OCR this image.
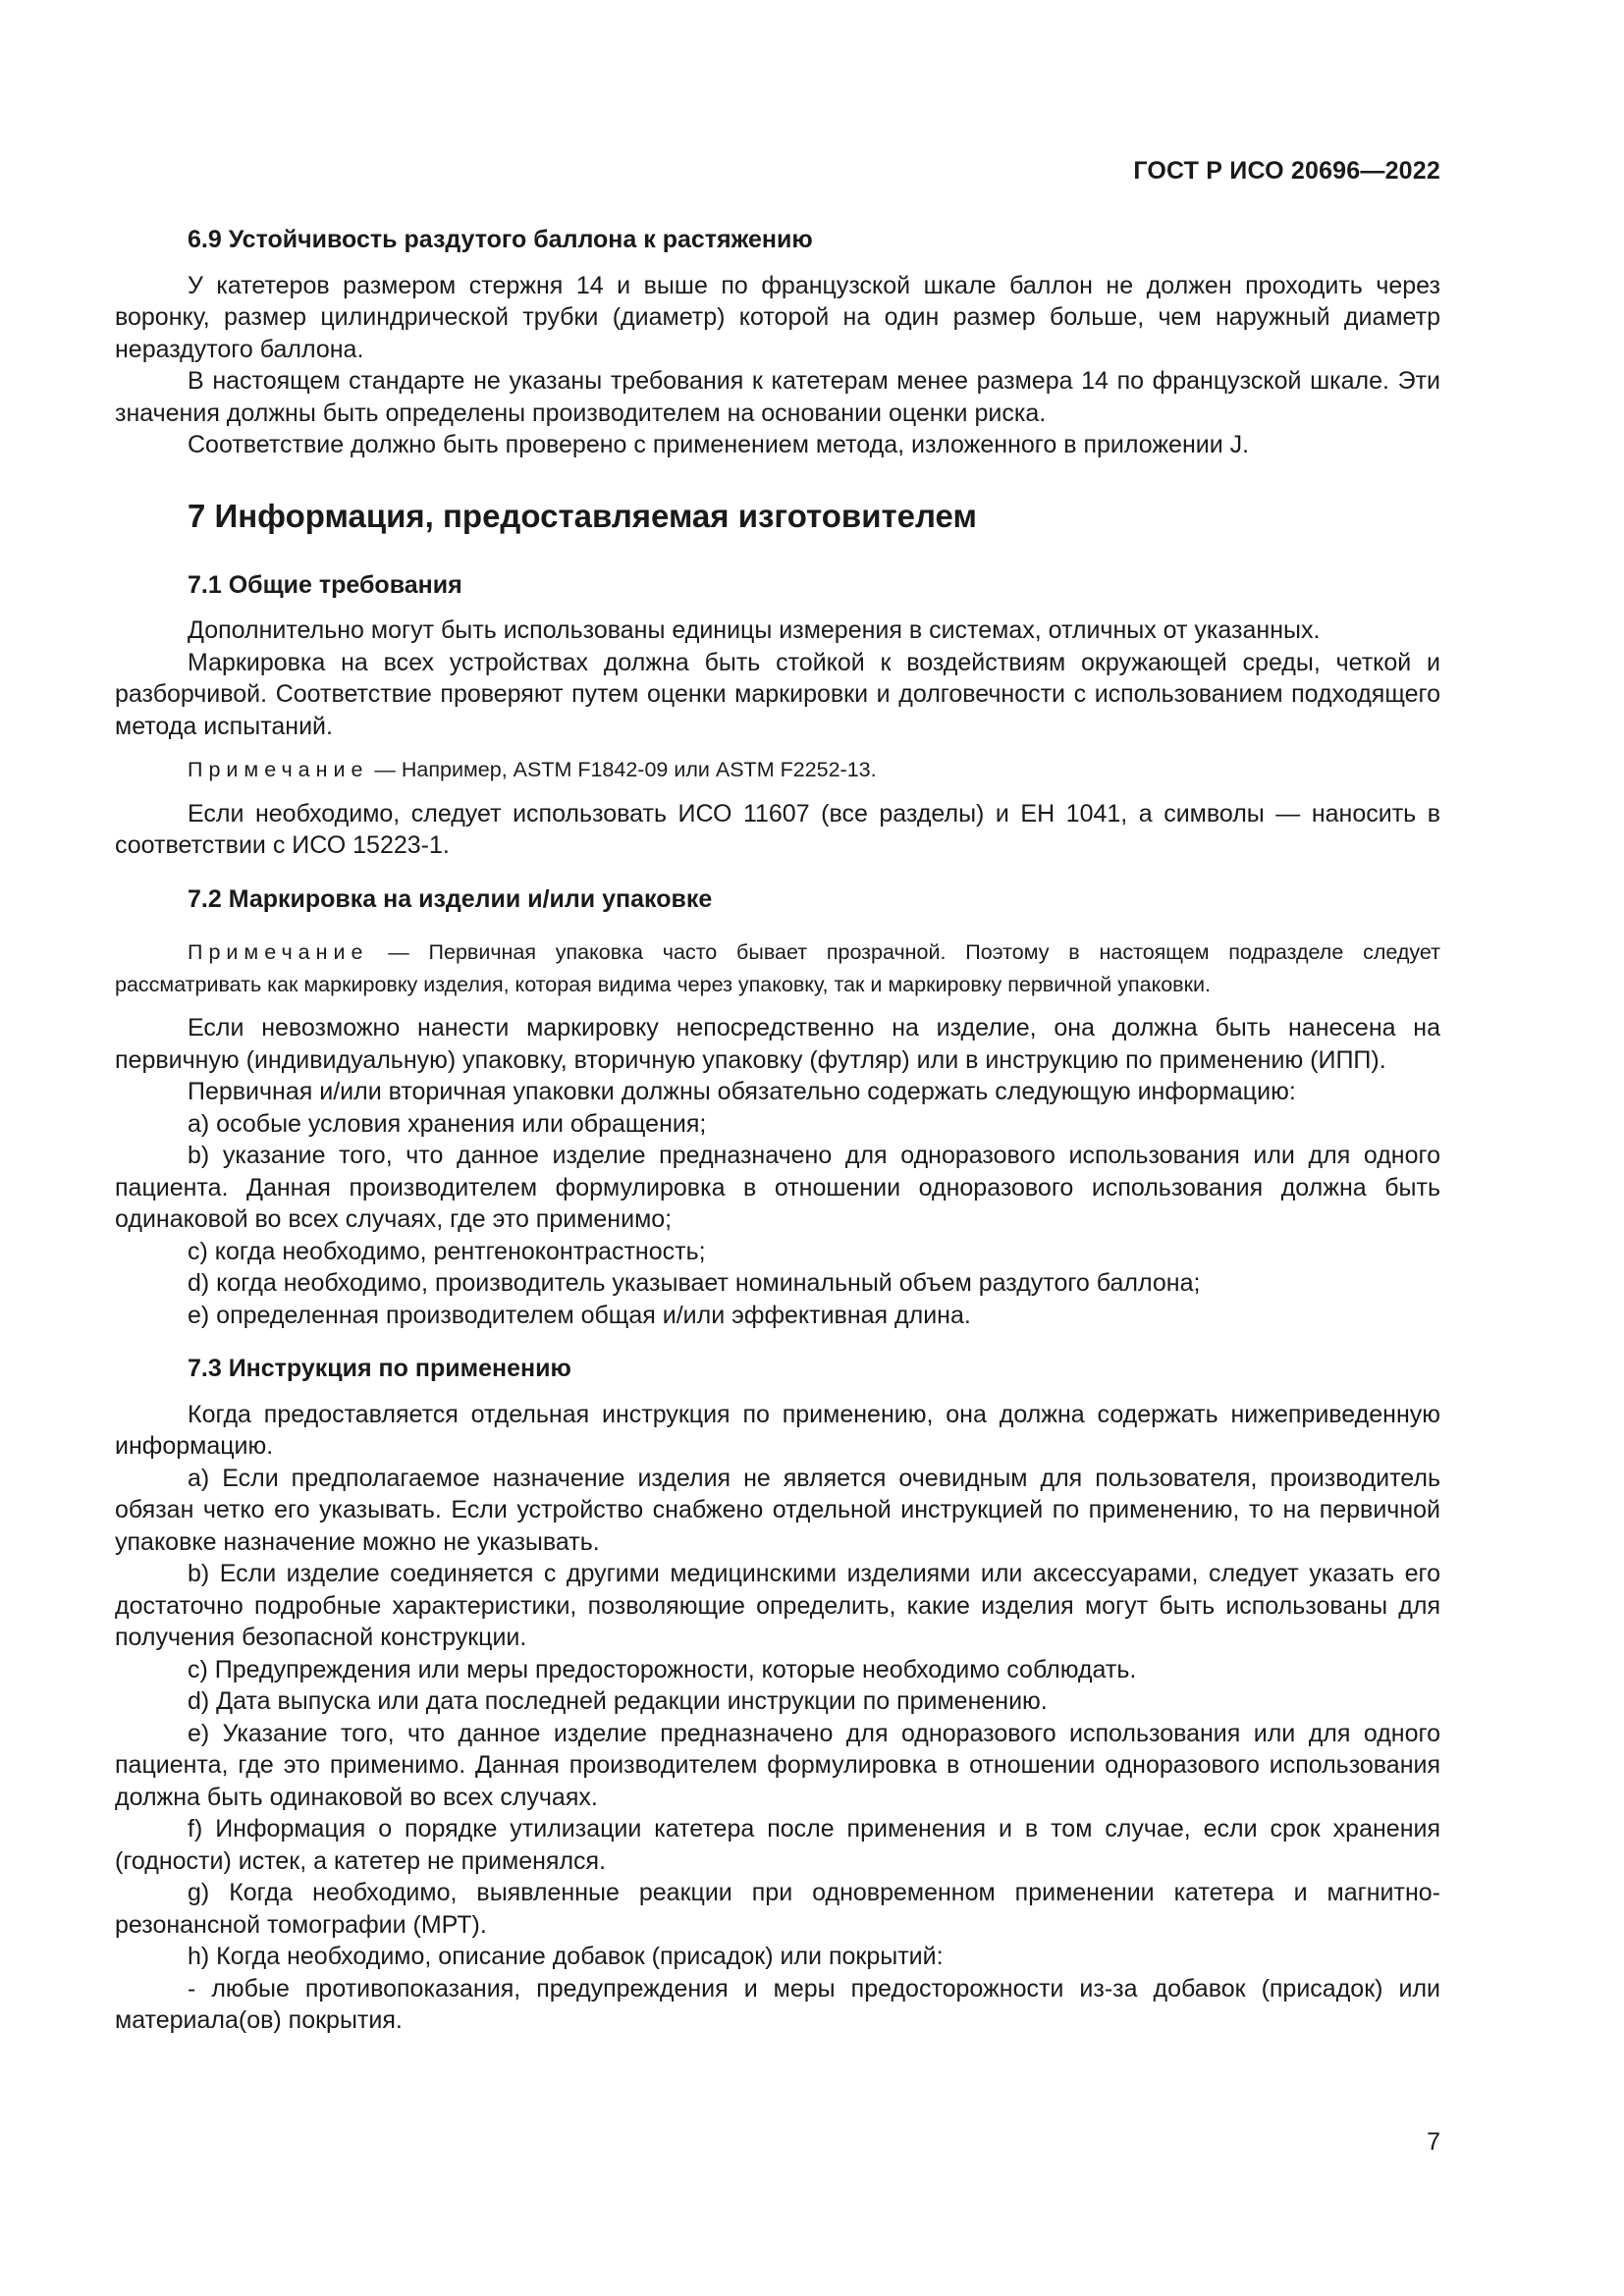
ГОСТ Р ИСО 20696—2022
6.9 Устойчивость раздутого баллона к растяжению

У катетеров размером стержня 14 и выше по французской шкале баллон не должен проходить через воронку, размер цилиндрической трубки (диаметр) которой на один размер больше, чем наружный диаметр нераздутого баллона.

В настоящем стандарте не указаны требования к катетерам менее размера 14 по французской шкале. Эти значения должны быть определены производителем на основании оценки риска.

Соответствие должно быть проверено с применением метода, изложенного в приложении J.

7 Информация, предоставляемая изготовителем
7.1 Общие требования

Дополнительно могут быть использованы единицы измерения в системах, отличных от указанных.

Маркировка на всех устройствах должна быть стойкой к воздействиям окружающей среды, четкой и разборчивой. Соответствие проверяют путем оценки маркировки и долговечности с использованием подходящего метода испытаний.

Примечание — Например, ASTM F1842-09 или ASTM F2252-13.

Если необходимо, следует использовать ИСО 11607 (все разделы) и ЕН 1041, а символы — наносить в соответствии с ИСО 15223-1.

7.2 Маркировка на изделии и/или упаковке

Примечание — Первичная упаковка часто бывает прозрачной. Поэтому в настоящем подразделе следует рассматривать как маркировку изделия, которая видима через упаковку, так и маркировку первичной упаковки.

Если невозможно нанести маркировку непосредственно на изделие, она должна быть нанесена на первичную (индивидуальную) упаковку, вторичную упаковку (футляр) или в инструкцию по применению (ИПП).

Первичная и/или вторичная упаковки должны обязательно содержать следующую информацию:

a) особые условия хранения или обращения;

b) указание того, что данное изделие предназначено для одноразового использования или для одного пациента. Данная производителем формулировка в отношении одноразового использования должна быть одинаковой во всех случаях, где это применимо;

c) когда необходимо, рентгеноконтрастность;

d) когда необходимо, производитель указывает номинальный объем раздутого баллона;

e) определенная производителем общая и/или эффективная длина.

7.3 Инструкция по применению

Когда предоставляется отдельная инструкция по применению, она должна содержать нижеприведенную информацию.

a) Если предполагаемое назначение изделия не является очевидным для пользователя, производитель обязан четко его указывать. Если устройство снабжено отдельной инструкцией по применению, то на первичной упаковке назначение можно не указывать.

b) Если изделие соединяется с другими медицинскими изделиями или аксессуарами, следует указать его достаточно подробные характеристики, позволяющие определить, какие изделия могут быть использованы для получения безопасной конструкции.

c) Предупреждения или меры предосторожности, которые необходимо соблюдать.

d) Дата выпуска или дата последней редакции инструкции по применению.

e) Указание того, что данное изделие предназначено для одноразового использования или для одного пациента, где это применимо. Данная производителем формулировка в отношении одноразового использования должна быть одинаковой во всех случаях.

f) Информация о порядке утилизации катетера после применения и в том случае, если срок хранения (годности) истек, а катетер не применялся.

g) Когда необходимо, выявленные реакции при одновременном применении катетера и магнитно-резонансной томографии (МРТ).

h) Когда необходимо, описание добавок (присадок) или покрытий:

- любые противопоказания, предупреждения и меры предосторожности из-за добавок (присадок) или материала(ов) покрытия.

7
